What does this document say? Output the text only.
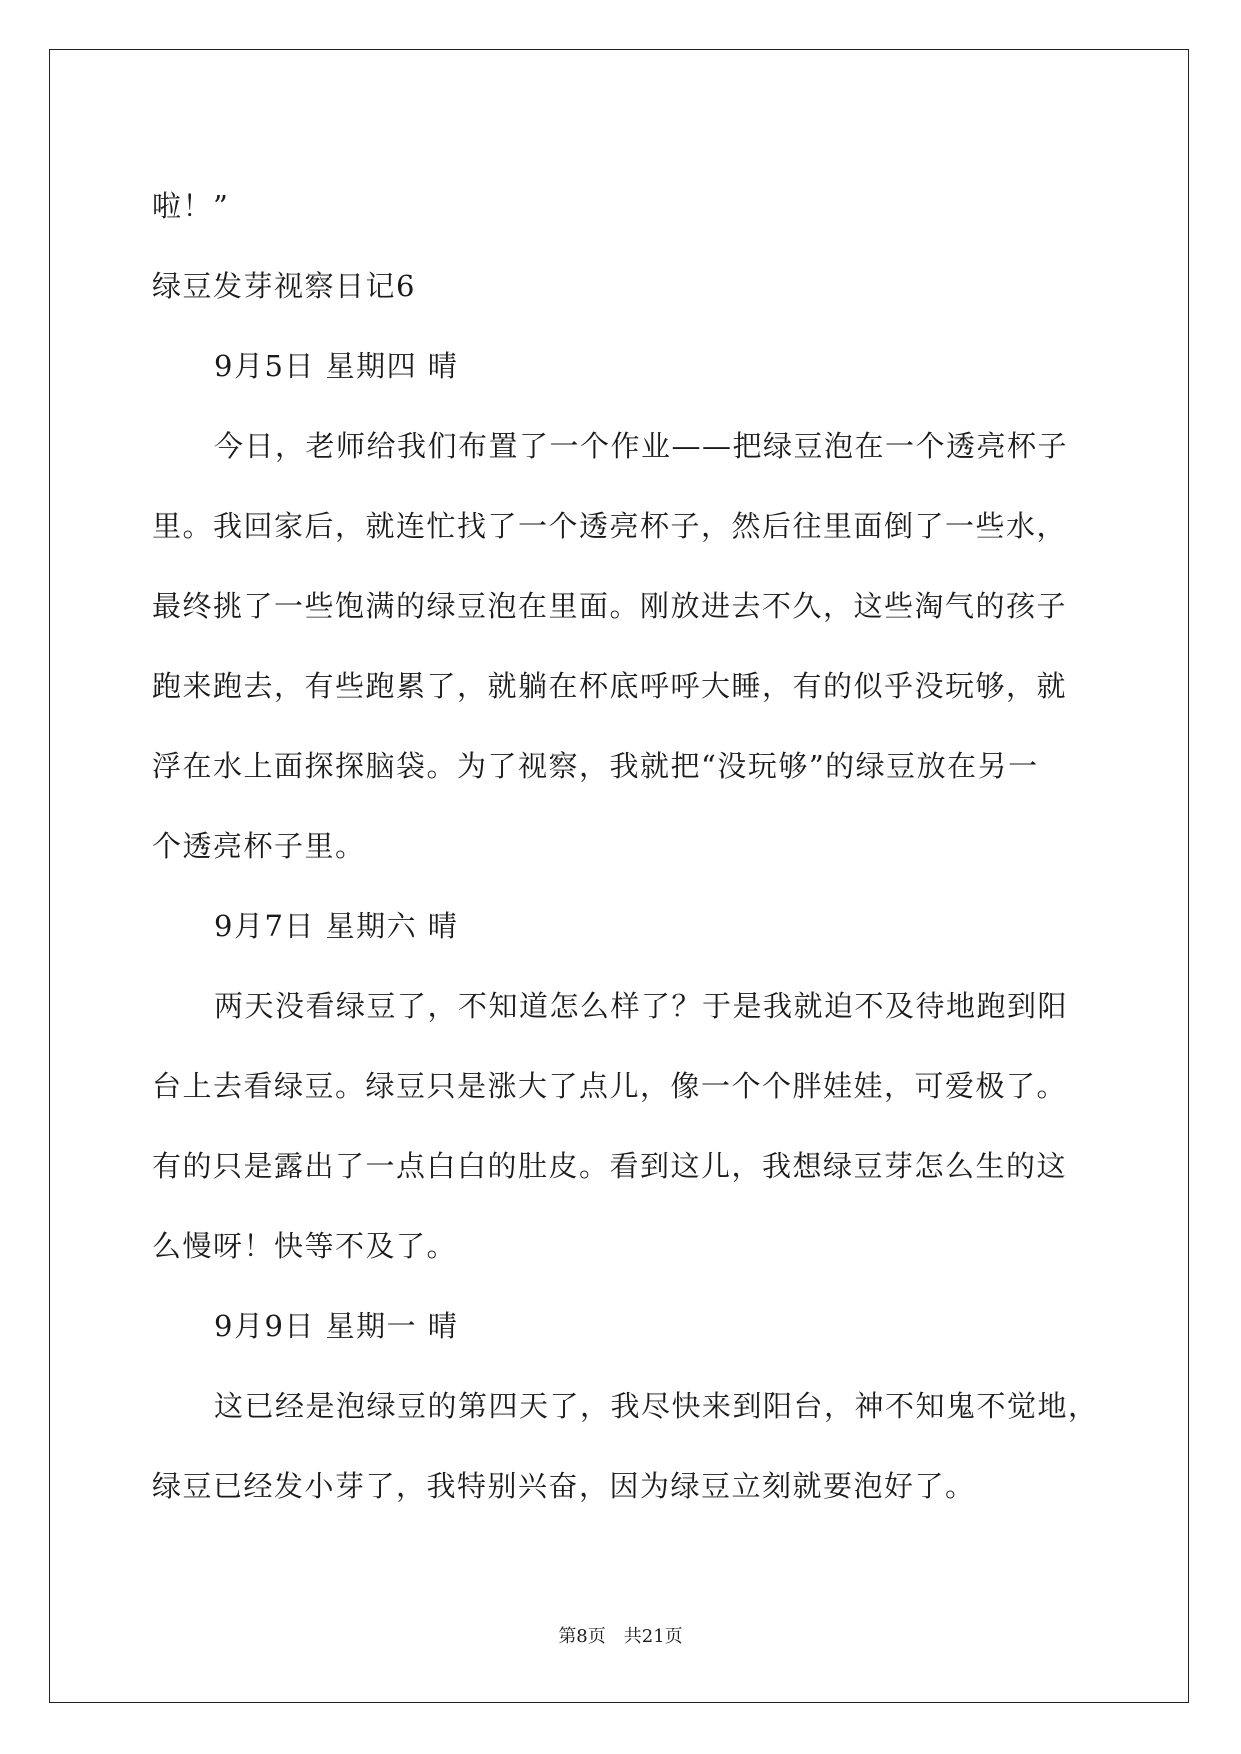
啦！”
绿豆发芽视察日记6
9月5日 星期四 晴
今日，老师给我们布置了一个作业——把绿豆泡在一个透亮杯子
里。我回家后，就连忙找了一个透亮杯子，然后往里面倒了一些水，
最终挑了一些饱满的绿豆泡在里面。刚放进去不久，这些淘气的孩子
跑来跑去，有些跑累了，就躺在杯底呼呼大睡，有的似乎没玩够，就
浮在水上面探探脑袋。为了视察，我就把“没玩够”的绿豆放在另一
个透亮杯子里。
9月7日 星期六 晴
两天没看绿豆了，不知道怎么样了？于是我就迫不及待地跑到阳
台上去看绿豆。绿豆只是涨大了点儿，像一个个胖娃娃，可爱极了。
有的只是露出了一点白白的肚皮。看到这儿，我想绿豆芽怎么生的这
么慢呀！快等不及了。
9月9日 星期一 晴
这已经是泡绿豆的第四天了，我尽快来到阳台，神不知鬼不觉地，
绿豆已经发小芽了，我特别兴奋，因为绿豆立刻就要泡好了。
第8页 共21页
